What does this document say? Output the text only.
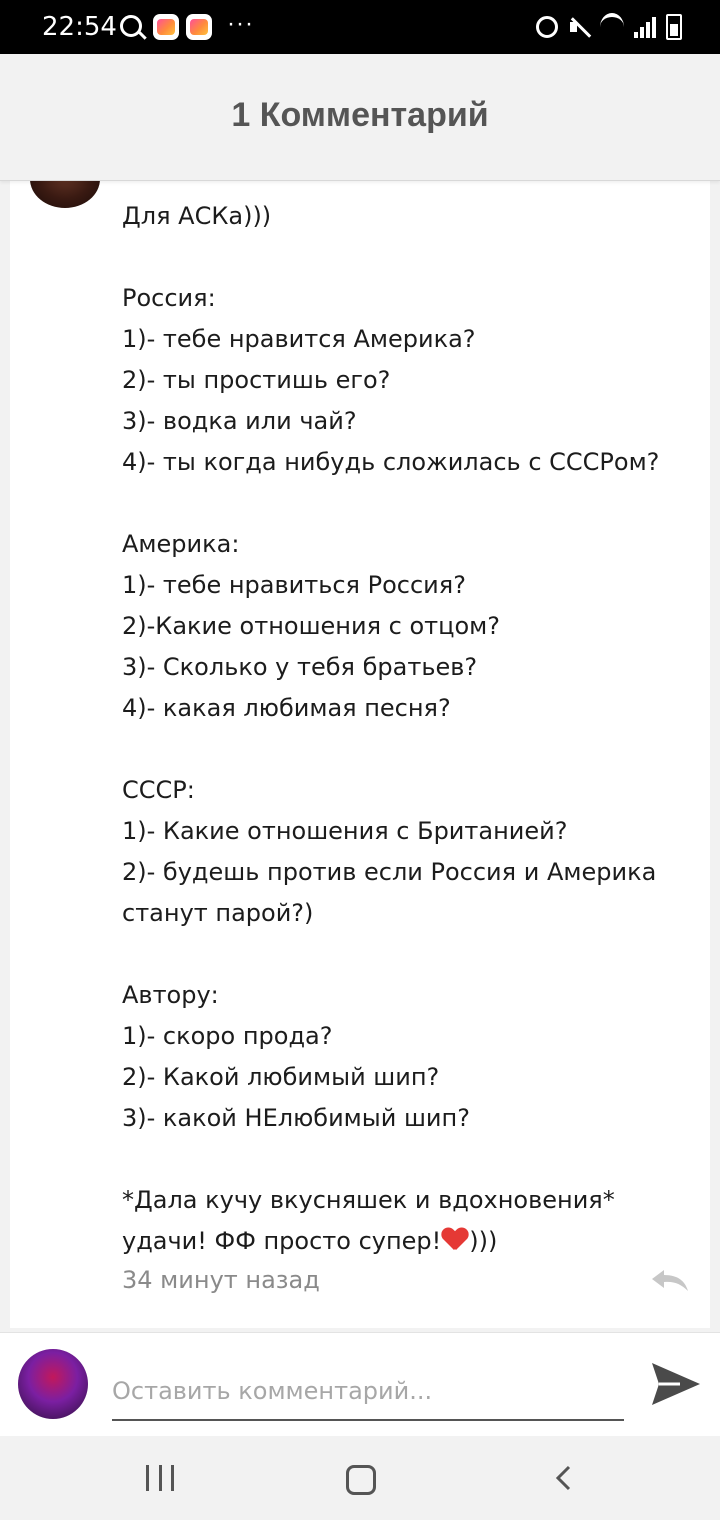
22:54	···
1 Комментарий

Для АСКа)))

Россия:
1)- тебе нравится Америка?
2)- ты простишь его?
3)- водка или чай?
4)- ты когда нибудь сложилась с СССРом?

Америка:
1)- тебе нравиться Россия?
2)-Какие отношения с отцом?
3)- Сколько у тебя братьев?
4)- какая любимая песня?

СССР:
1)- Какие отношения с Британией?
2)- будешь против если Россия и Америка станут парой?)

Автору:
1)- скоро прода?
2)- Какой любимый шип?
3)- какой НЕлюбимый шип?

*Дала кучу вкусняшек и вдохновения* удачи! ФФ просто супер! )))

34 минут назад
Оставить комментарий...
